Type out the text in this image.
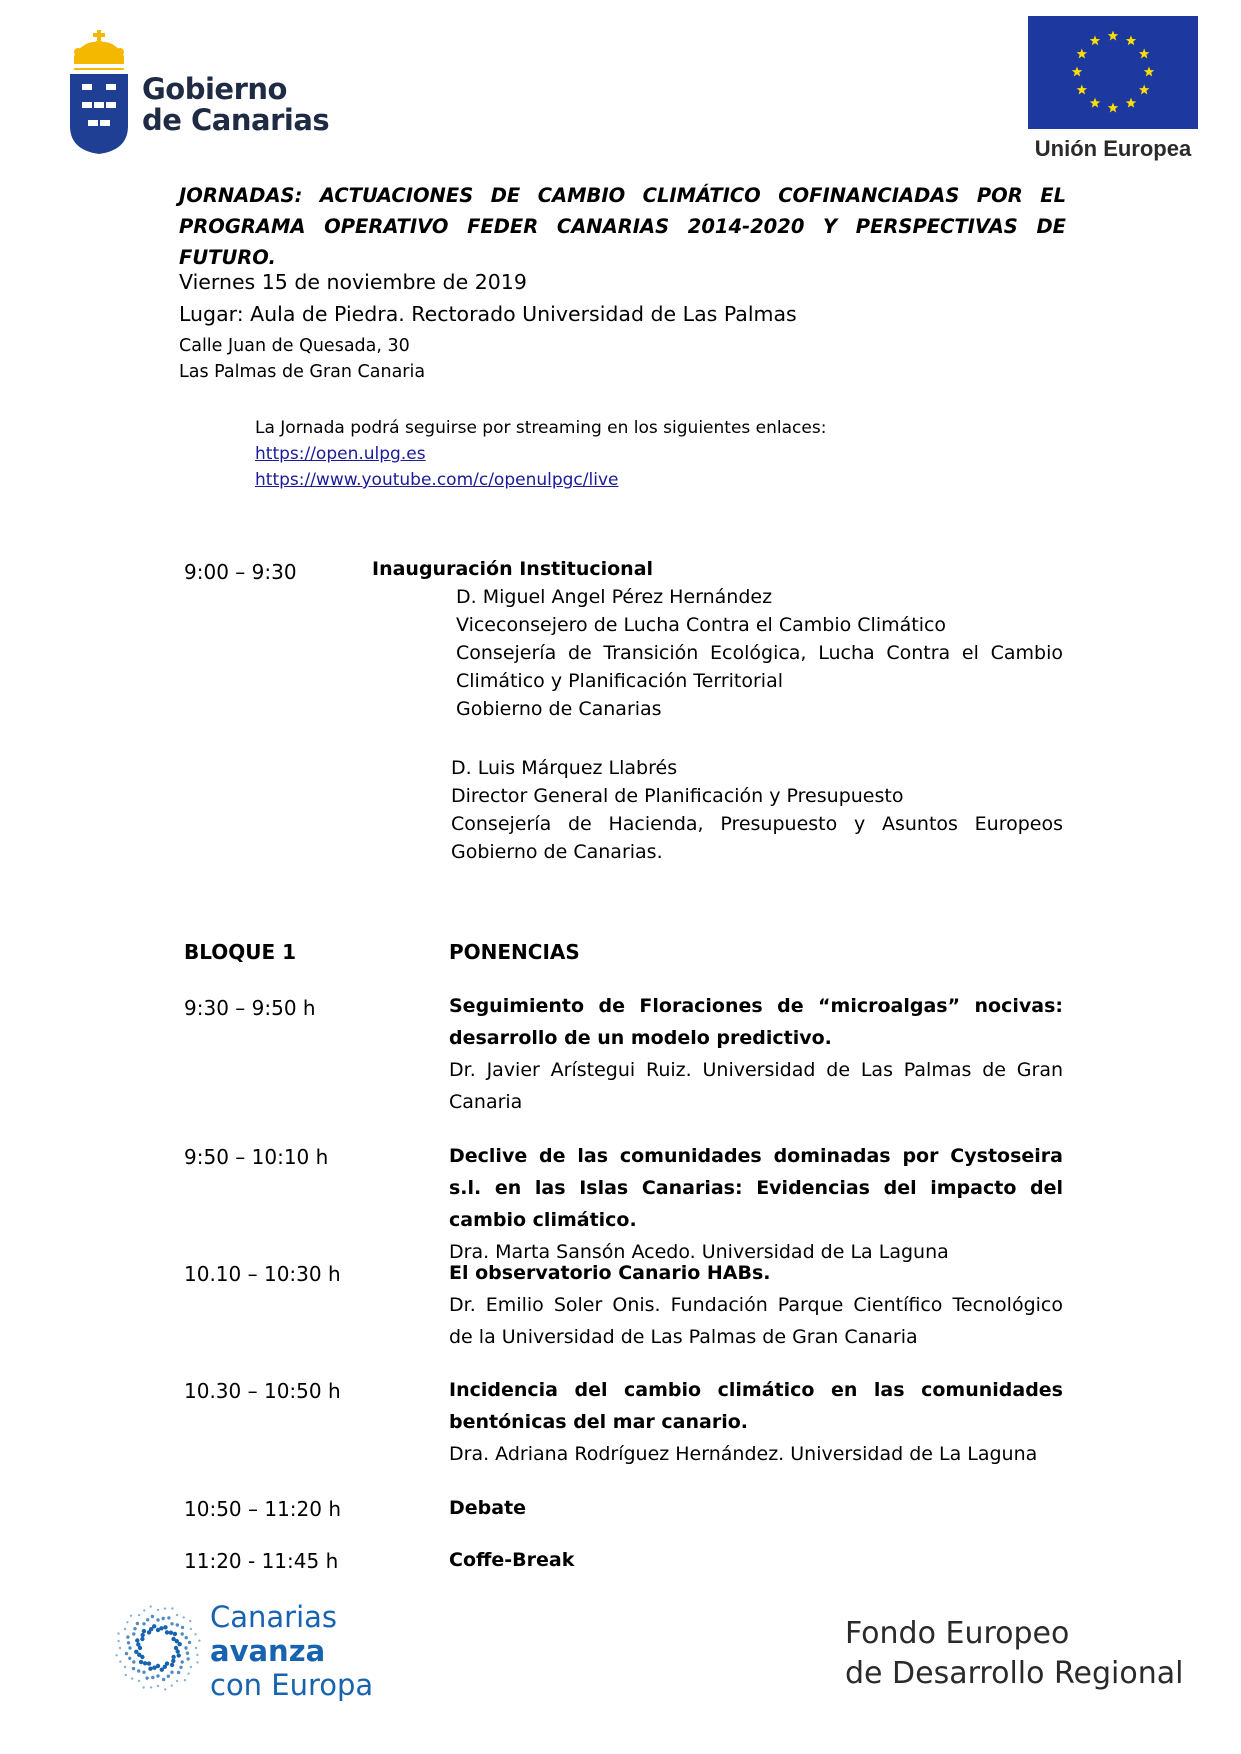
Gobierno
de Canarias
Unión Europea
JORNADAS: ACTUACIONES DE CAMBIO CLIMÁTICO COFINANCIADAS POR EL
PROGRAMA OPERATIVO FEDER CANARIAS 2014-2020 Y PERSPECTIVAS DE FUTURO.
Viernes 15 de noviembre de 2019
Lugar: Aula de Piedra. Rectorado Universidad de Las Palmas
Calle Juan de Quesada, 30
Las Palmas de Gran Canaria
La Jornada podrá seguirse por streaming en los siguientes enlaces:
https://open.ulpg.es
https://www.youtube.com/c/openulpgc/live
9:00 – 9:30	Inauguración Institucional
D. Miguel Angel Pérez Hernández
Viceconsejero de Lucha Contra el Cambio Climático
Consejería de Transición Ecológica, Lucha Contra el Cambio
Climático y Planificación Territorial
Gobierno de Canarias
D. Luis Márquez Llabrés
Director General de Planificación y Presupuesto
Consejería de Hacienda, Presupuesto y Asuntos Europeos
Gobierno de Canarias.
BLOQUE 1	PONENCIAS
9:30 – 9:50 h	Seguimiento de Floraciones de “microalgas” nocivas: desarrollo de un modelo predictivo.
Dr. Javier Arístegui Ruiz. Universidad de Las Palmas de Gran Canaria
9:50 – 10:10 h	Declive de las comunidades dominadas por Cystoseira s.l. en las Islas Canarias: Evidencias del impacto del cambio climático.
Dra. Marta Sansón Acedo. Universidad de La Laguna
10.10 – 10:30 h	El observatorio Canario HABs.
Dr. Emilio Soler Onis. Fundación Parque Científico Tecnológico de la Universidad de Las Palmas de Gran Canaria
10.30 – 10:50 h	Incidencia del cambio climático en las comunidades bentónicas del mar canario.
Dra. Adriana Rodríguez Hernández. Universidad de La Laguna
10:50 – 11:20 h	Debate
11:20 - 11:45 h	Coffe-Break
Canarias
avanza
con Europa
Fondo Europeo
de Desarrollo Regional
